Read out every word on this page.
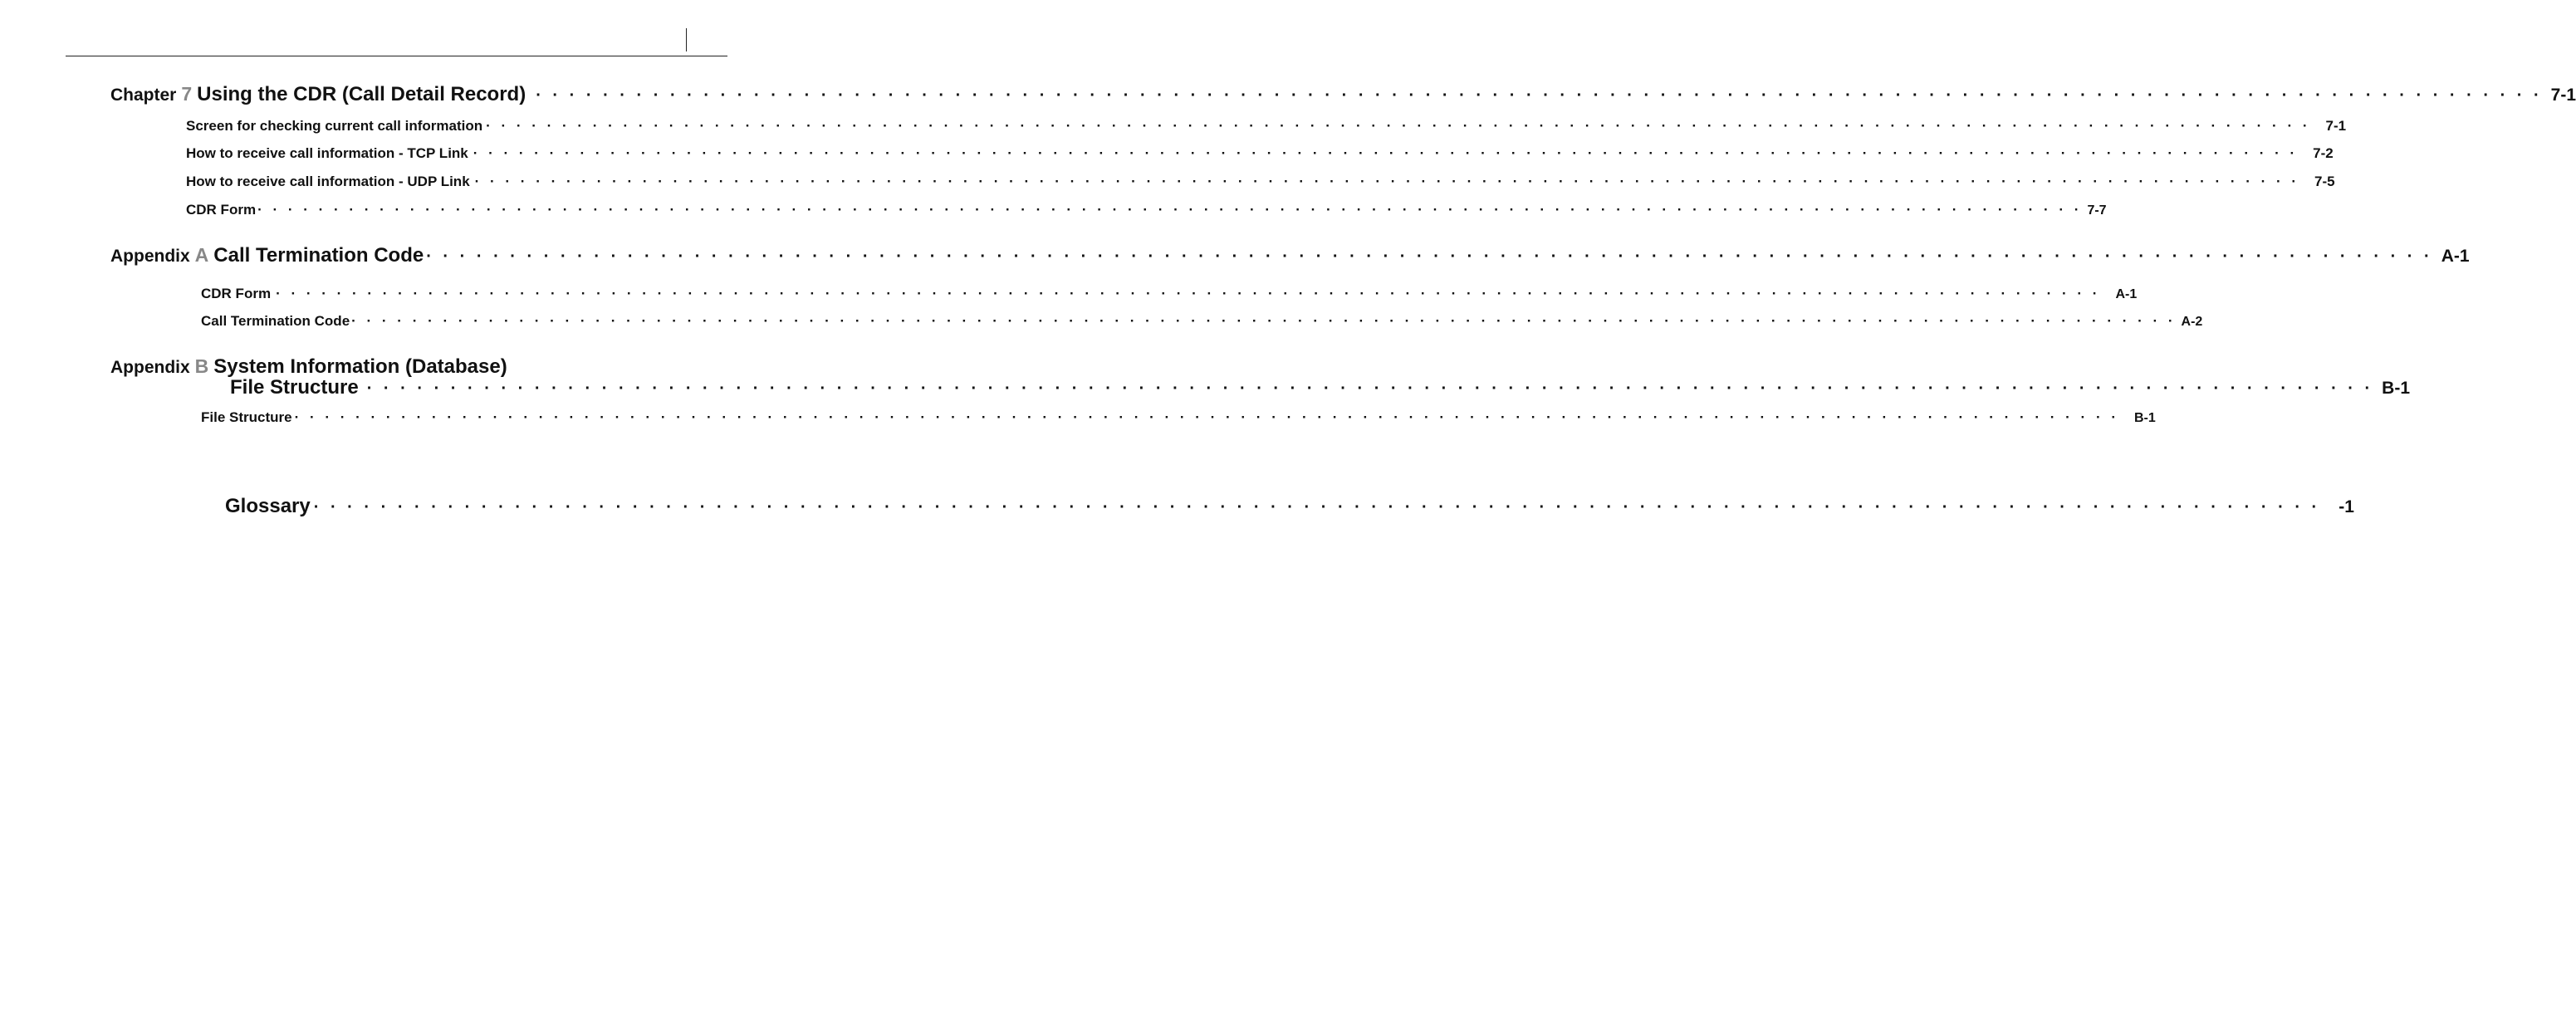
Chapter 7 Using the CDR (Call Detail Record) · · · · · · · · · · · · · · · · · · · · · · · · · · · · · · · · · · · · · · · · · · · · · · · · · · · · · · · · · · · · · · · · · · · · · · · · · · · · · · · · · · · · · · · · · · · · · · · · · · · · · · · · · · · · · · · · · · · · · · · · 7-1
Screen for checking current call information · · · · · · · · · · · · · · · · · · · · · · · · · · · · · · · · · · · · · · · · · · · · · · · · · · · · · · · · · · · · · · · · · · · · · · · · · · · · · · · · · · · · · · · · · · · · · · · · · · · · · · · · · · · · · · · · · · · · · · · · 7-1
How to receive call information - TCP Link · · · · · · · · · · · · · · · · · · · · · · · · · · · · · · · · · · · · · · · · · · · · · · · · · · · · · · · · · · · · · · · · · · · · · · · · · · · · · · · · · · · · · · · · · · · · · · · · · · · · · · · · · · · · · · · · · · · · · · · · 7-2
How to receive call information - UDP Link · · · · · · · · · · · · · · · · · · · · · · · · · · · · · · · · · · · · · · · · · · · · · · · · · · · · · · · · · · · · · · · · · · · · · · · · · · · · · · · · · · · · · · · · · · · · · · · · · · · · · · · · · · · · · · · · · · · · · · · · 7-5
CDR Form · · · · · · · · · · · · · · · · · · · · · · · · · · · · · · · · · · · · · · · · · · · · · · · · · · · · · · · · · · · · · · · · · · · · · · · · · · · · · · · · · · · · · · · · · · · · · · · · · · · · · · · · · · · · · · · · · · · · · · · · 7-7
Appendix A Call Termination Code · · · · · · · · · · · · · · · · · · · · · · · · · · · · · · · · · · · · · · · · · · · · · · · · · · · · · · · · · · · · · · · · · · · · · · · · · · · · · · · · · · · · · · · · · · · · · · · · · · · · · · · · · · · · · · · · · · · · · · · · A-1
CDR Form · · · · · · · · · · · · · · · · · · · · · · · · · · · · · · · · · · · · · · · · · · · · · · · · · · · · · · · · · · · · · · · · · · · · · · · · · · · · · · · · · · · · · · · · · · · · · · · · · · · · · · · · · · · · · · · · · · · · · · · · A-1
Call Termination Code · · · · · · · · · · · · · · · · · · · · · · · · · · · · · · · · · · · · · · · · · · · · · · · · · · · · · · · · · · · · · · · · · · · · · · · · · · · · · · · · · · · · · · · · · · · · · · · · · · · · · · · · · · · · · · · · · · · · · · · · A-2
Appendix B System Information (Database)
File Structure · · · · · · · · · · · · · · · · · · · · · · · · · · · · · · · · · · · · · · · · · · · · · · · · · · · · · · · · · · · · · · · · · · · · · · · · · · · · · · · · · · · · · · · · · · · · · · · · · · · · · · · · · · · · · · · · · · · · · · · · B-1
File Structure · · · · · · · · · · · · · · · · · · · · · · · · · · · · · · · · · · · · · · · · · · · · · · · · · · · · · · · · · · · · · · · · · · · · · · · · · · · · · · · · · · · · · · · · · · · · · · · · · · · · · · · · · · · · · · · · · · · · · · · · B-1
Glossary · · · · · · · · · · · · · · · · · · · · · · · · · · · · · · · · · · · · · · · · · · · · · · · · · · · · · · · · · · · · · · · · · · · · · · · · · · · · · · · · · · · · · · · · · · · · · · · · · · · · · · · · · · · · · · · · · · · · · · · · -1
